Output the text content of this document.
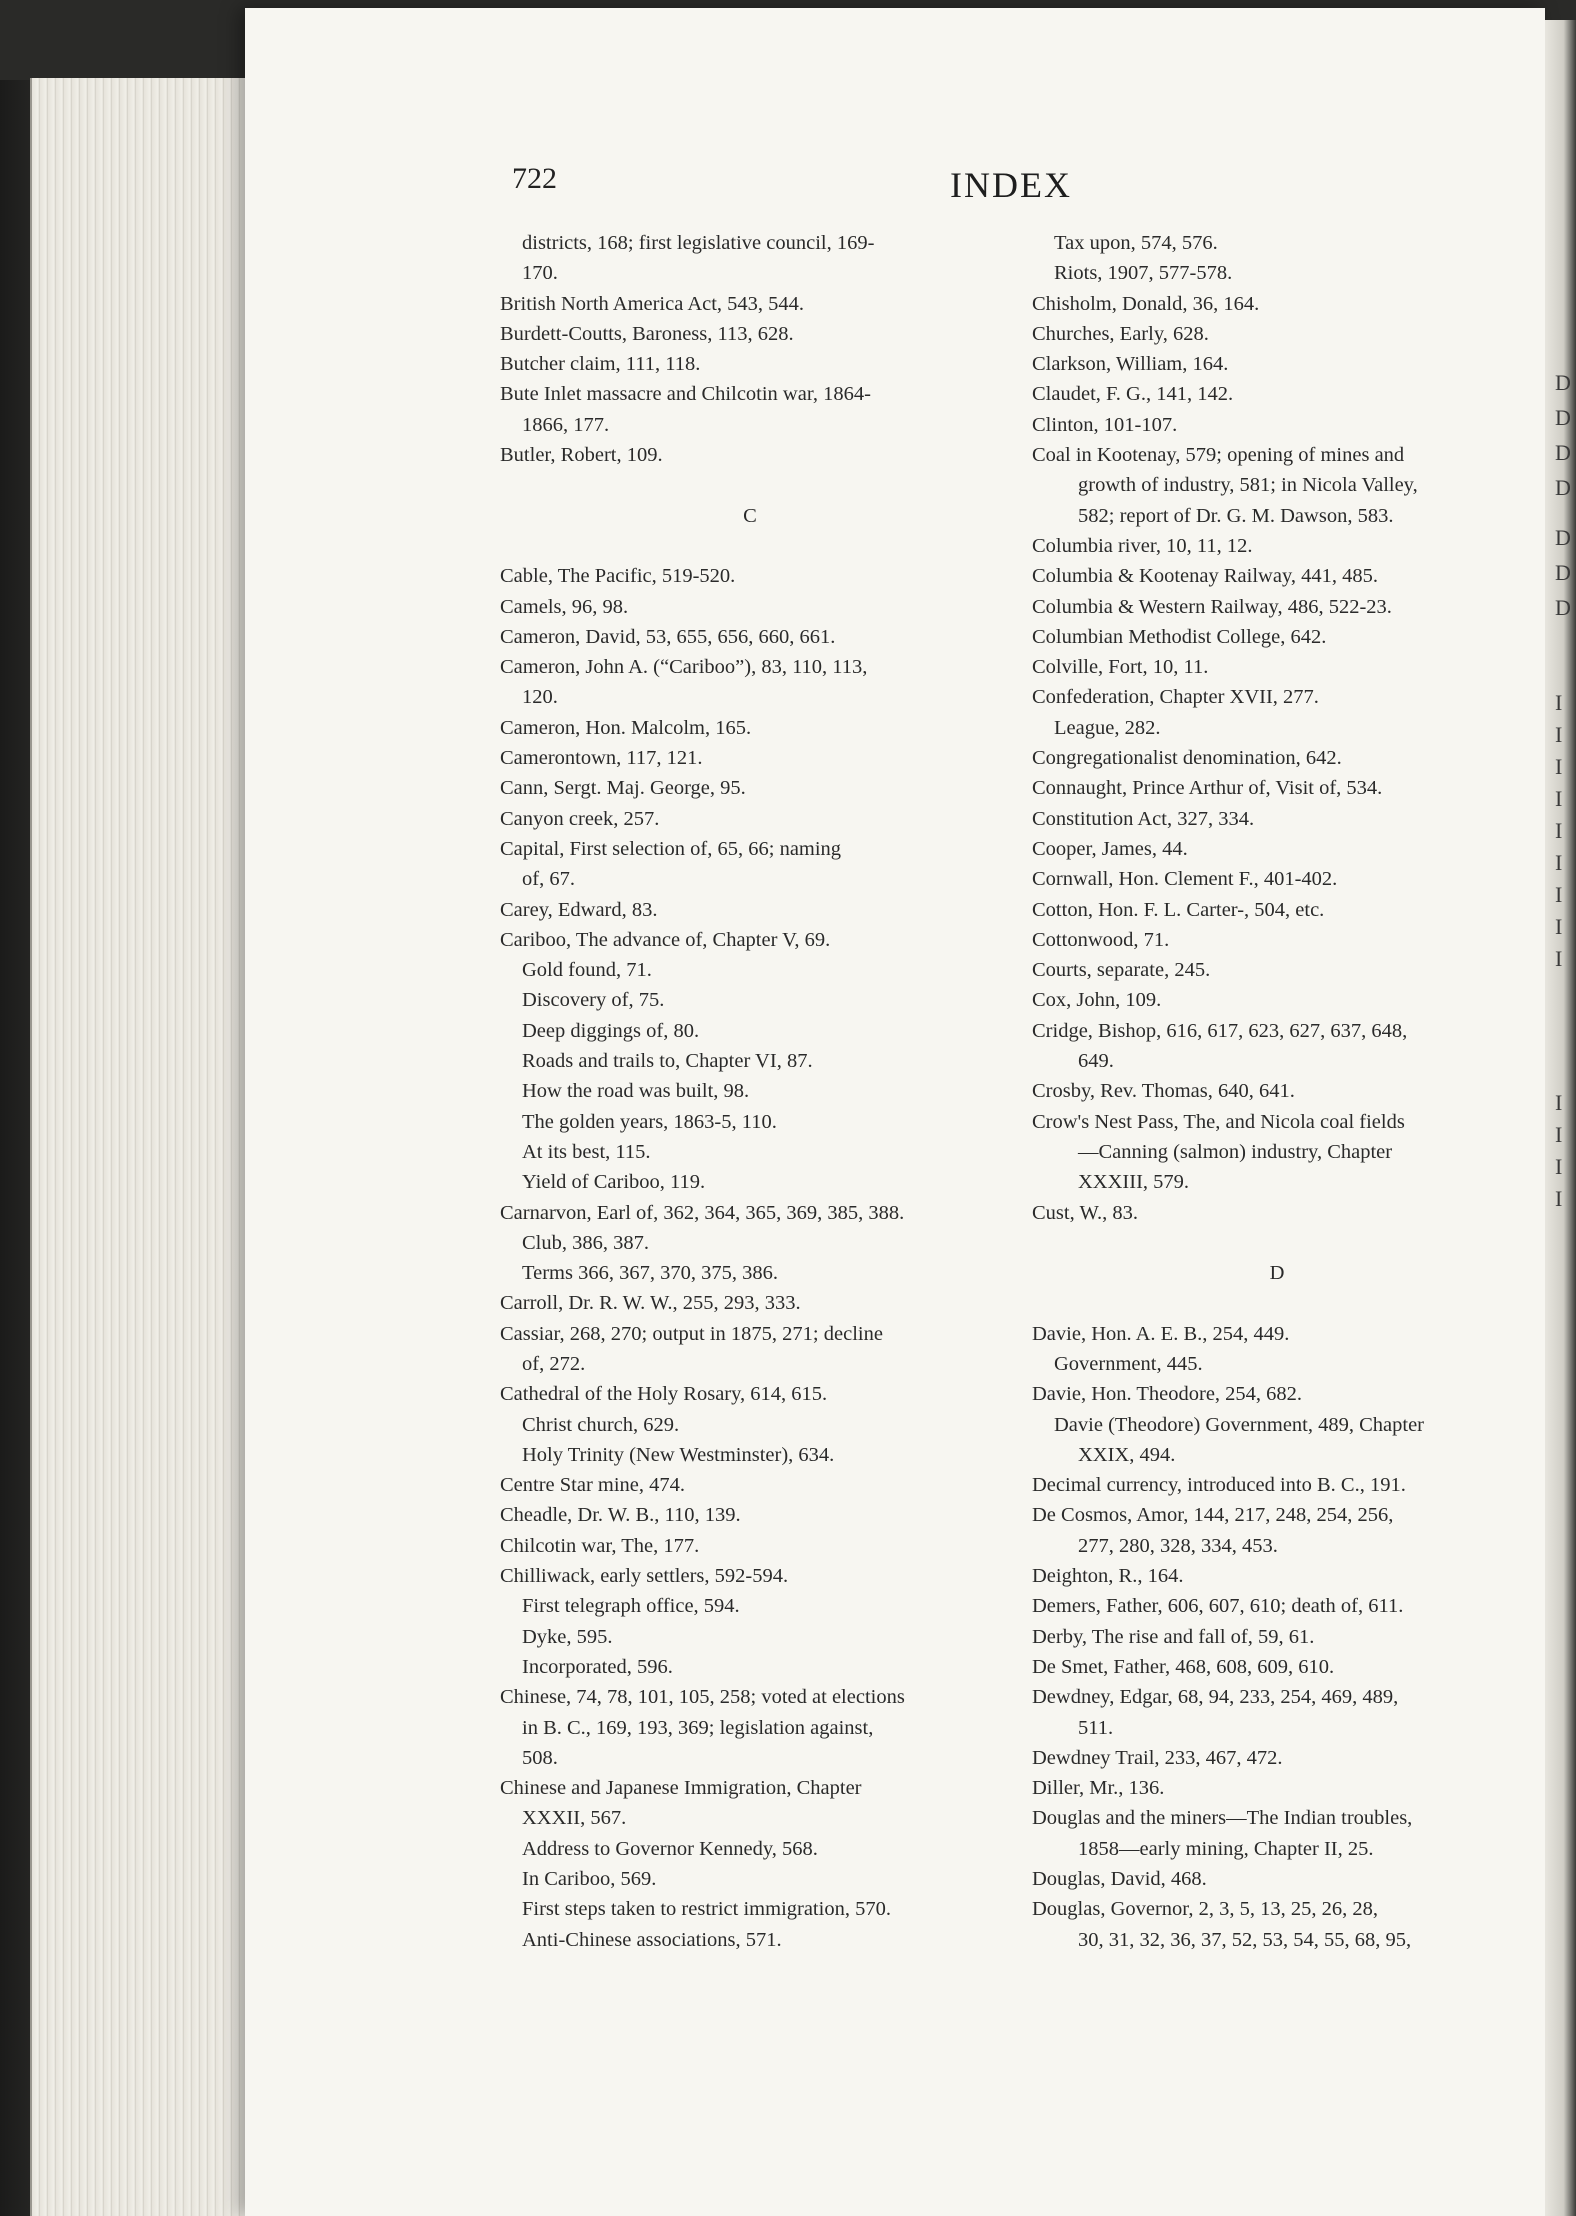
722	INDEX
districts, 168; first legislative council, 169-
170.
British North America Act, 543, 544.
Burdett-Coutts, Baroness, 113, 628.
Butcher claim, 111, 118.
Bute Inlet massacre and Chilcotin war, 1864-
1866, 177.
Butler, Robert, 109.
C
Cable, The Pacific, 519-520.
Camels, 96, 98.
Cameron, David, 53, 655, 656, 660, 661.
Cameron, John A. (“Cariboo”), 83, 110, 113,
120.
Cameron, Hon. Malcolm, 165.
Camerontown, 117, 121.
Cann, Sergt. Maj. George, 95.
Canyon creek, 257.
Capital, First selection of, 65, 66; naming
of, 67.
Carey, Edward, 83.
Cariboo, The advance of, Chapter V, 69.
Gold found, 71.
Discovery of, 75.
Deep diggings of, 80.
Roads and trails to, Chapter VI, 87.
How the road was built, 98.
The golden years, 1863-5, 110.
At its best, 115.
Yield of Cariboo, 119.
Carnarvon, Earl of, 362, 364, 365, 369, 385, 388.
Club, 386, 387.
Terms 366, 367, 370, 375, 386.
Carroll, Dr. R. W. W., 255, 293, 333.
Cassiar, 268, 270; output in 1875, 271; decline
of, 272.
Cathedral of the Holy Rosary, 614, 615.
Christ church, 629.
Holy Trinity (New Westminster), 634.
Centre Star mine, 474.
Cheadle, Dr. W. B., 110, 139.
Chilcotin war, The, 177.
Chilliwack, early settlers, 592-594.
First telegraph office, 594.
Dyke, 595.
Incorporated, 596.
Chinese, 74, 78, 101, 105, 258; voted at elections
in B. C., 169, 193, 369; legislation against,
508.
Chinese and Japanese Immigration, Chapter
XXXII, 567.
Address to Governor Kennedy, 568.
In Cariboo, 569.
First steps taken to restrict immigration, 570.
Anti-Chinese associations, 571.
Tax upon, 574, 576.
Riots, 1907, 577-578.
Chisholm, Donald, 36, 164.
Churches, Early, 628.
Clarkson, William, 164.
Claudet, F. G., 141, 142.
Clinton, 101-107.
Coal in Kootenay, 579; opening of mines and
growth of industry, 581; in Nicola Valley,
582; report of Dr. G. M. Dawson, 583.
Columbia river, 10, 11, 12.
Columbia & Kootenay Railway, 441, 485.
Columbia & Western Railway, 486, 522-23.
Columbian Methodist College, 642.
Colville, Fort, 10, 11.
Confederation, Chapter XVII, 277.
League, 282.
Congregationalist denomination, 642.
Connaught, Prince Arthur of, Visit of, 534.
Constitution Act, 327, 334.
Cooper, James, 44.
Cornwall, Hon. Clement F., 401-402.
Cotton, Hon. F. L. Carter-, 504, etc.
Cottonwood, 71.
Courts, separate, 245.
Cox, John, 109.
Cridge, Bishop, 616, 617, 623, 627, 637, 648,
649.
Crosby, Rev. Thomas, 640, 641.
Crow's Nest Pass, The, and Nicola coal fields
—Canning (salmon) industry, Chapter
XXXIII, 579.
Cust, W., 83.
D
Davie, Hon. A. E. B., 254, 449.
Government, 445.
Davie, Hon. Theodore, 254, 682.
Davie (Theodore) Government, 489, Chapter
XXIX, 494.
Decimal currency, introduced into B. C., 191.
De Cosmos, Amor, 144, 217, 248, 254, 256,
277, 280, 328, 334, 453.
Deighton, R., 164.
Demers, Father, 606, 607, 610; death of, 611.
Derby, The rise and fall of, 59, 61.
De Smet, Father, 468, 608, 609, 610.
Dewdney, Edgar, 68, 94, 233, 254, 469, 489,
511.
Dewdney Trail, 233, 467, 472.
Diller, Mr., 136.
Douglas and the miners—The Indian troubles,
1858—early mining, Chapter II, 25.
Douglas, David, 468.
Douglas, Governor, 2, 3, 5, 13, 25, 26, 28,
30, 31, 32, 36, 37, 52, 53, 54, 55, 68, 95,
D
D
D
D
D
D
D
I
I
I
I
I
I
I
I
I
I
I
I
I
